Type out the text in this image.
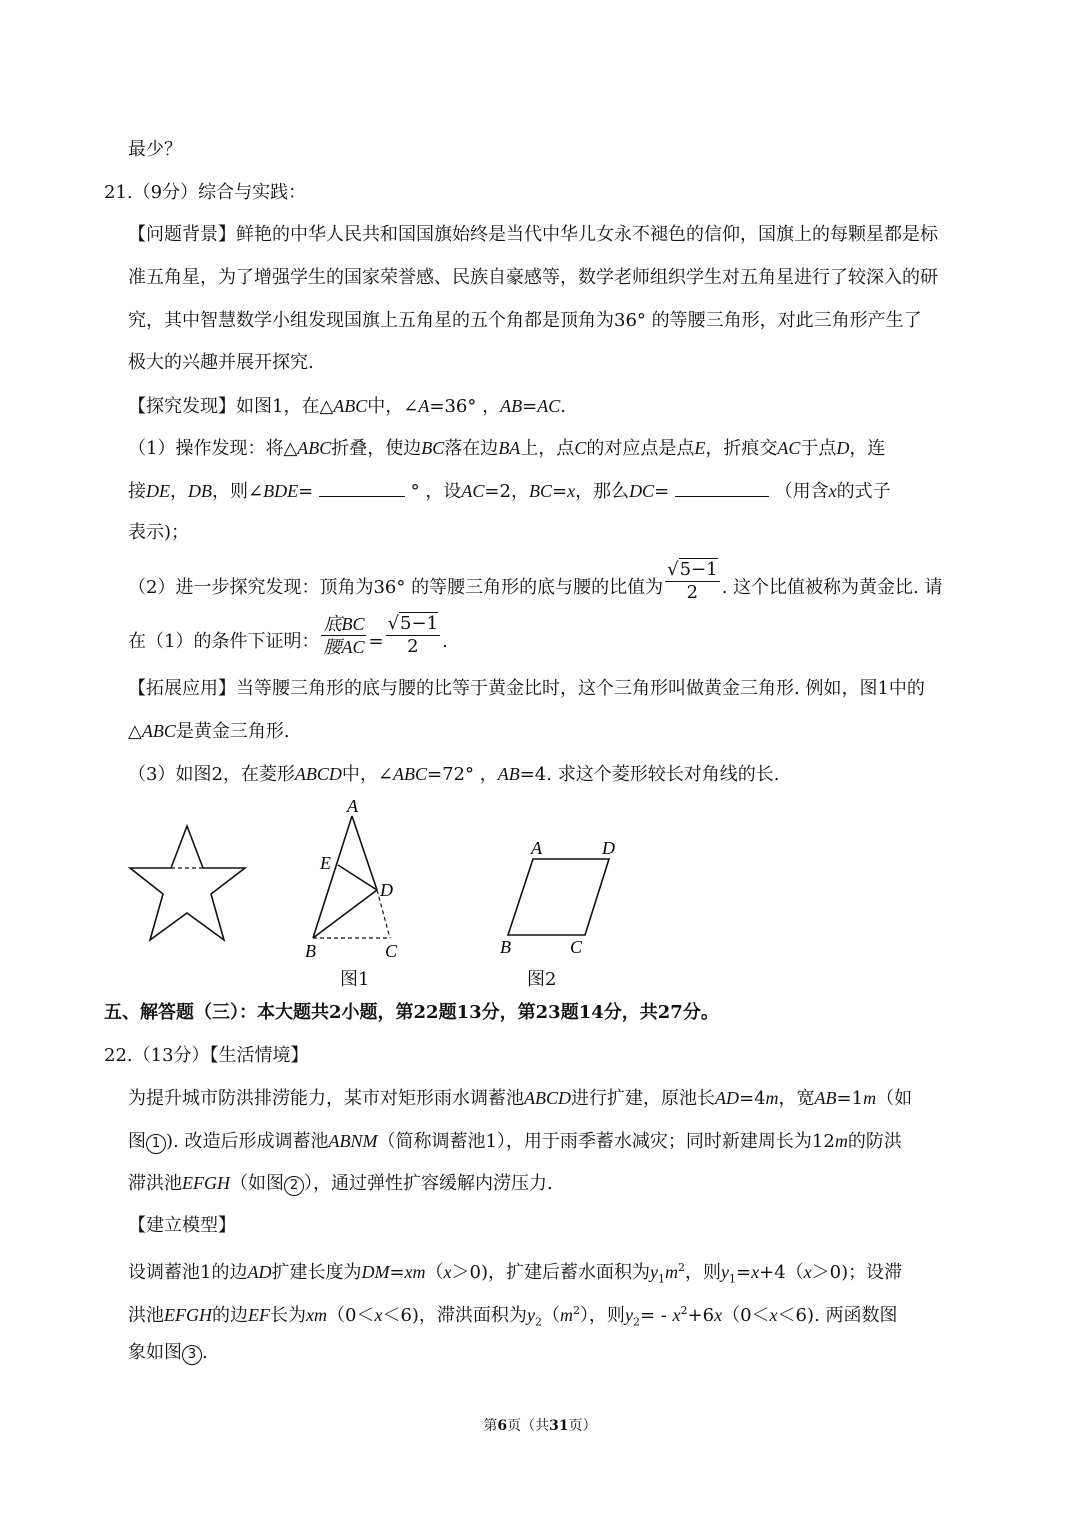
最少？
21.（9分）综合与实践：
【问题背景】鲜艳的中华人民共和国国旗始终是当代中华儿女永不褪色的信仰，国旗上的每颗星都是标
准五角星，为了增强学生的国家荣誉感、民族自豪感等，数学老师组织学生对五角星进行了较深入的研
究，其中智慧数学小组发现国旗上五角星的五个角都是顶角为36° 的等腰三角形，对此三角形产生了
极大的兴趣并展开探究.
【探究发现】如图1，在△ABC中，∠A=36° ，AB=AC.
（1）操作发现：将△ABC折叠，使边BC落在边BA上，点C的对应点是点E，折痕交AC于点D，连
接DE，DB，则∠BDE=	° ，设AC=2，BC=x，那么DC=	（用含x的式子
表示)；
（2）进一步探究发现：顶角为36° 的等腰三角形的底与腰的比值为 $\frac{√5-1}{2}$ . 这个比值被称为黄金比. 请
在（1）的条件下证明： $\frac{\text{底BC}}{\text{腰AC}} = \frac{√5-1}{2}$ .
【拓展应用】当等腰三角形的底与腰的比等于黄金比时，这个三角形叫做黄金三角形. 例如，图1中的
△ABC是黄金三角形.
（3）如图2，在菱形ABCD中，∠ABC=72° ，AB=4. 求这个菱形较长对角线的长.
A
E
D
B	C
图1
A	D
B	C
图2
五、解答题（三）：本大题共2小题，第22题13分，第23题14分，共27分。
22.（13分）【生活情境】
为提升城市防洪排涝能力，某市对矩形雨水调蓄池ABCD进行扩建，原池长AD=4m，宽AB=1m（如
图 1 ). 改造后形成调蓄池ABNM（简称调蓄池1），用于雨季蓄水减灾；同时新建周长为12m的防洪
滞洪池EFGH（如图 2 ），通过弹性扩容缓解内涝压力.
【建立模型】
设调蓄池1的边AD扩建长度为DM=xm（x＞0)，扩建后蓄水面积为$y_1m^2$，则$y_1=x+4(x>0)$；设滞
洪池EFGH的边EF长为xm（0＜x＜6)，滞洪面积为$y_2(m^2)$，则$y_2= - x^2+6x(0<x<6)$. 两函数图
象如图 3 .
第6页（共31页）
